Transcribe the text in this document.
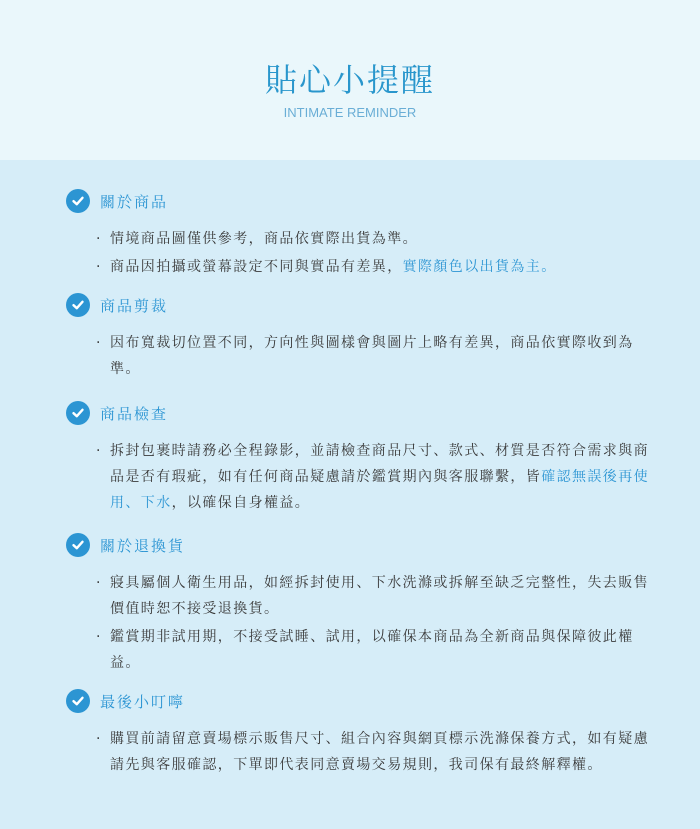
貼心小提醒
INTIMATE REMINDER
關於商品
· 情境商品圖僅供參考，商品依實際出貨為準。
· 商品因拍攝或螢幕設定不同與實品有差異，實際顏色以出貨為主。
商品剪裁
· 因布寬裁切位置不同，方向性與圖樣會與圖片上略有差異，商品依實際收到為準。
商品檢查
· 拆封包裹時請務必全程錄影，並請檢查商品尺寸、款式、材質是否符合需求與商品是否有瑕疵，如有任何商品疑慮請於鑑賞期內與客服聯繫，皆確認無誤後再使用、下水，以確保自身權益。
關於退換貨
· 寢具屬個人衛生用品，如經拆封使用、下水洗滌或拆解至缺乏完整性，失去販售價值時恕不接受退換貨。
· 鑑賞期非試用期，不接受試睡、試用，以確保本商品為全新商品與保障彼此權益。
最後小叮嚀
· 購買前請留意賣場標示販售尺寸、組合內容與網頁標示洗滌保養方式，如有疑慮請先與客服確認，下單即代表同意賣場交易規則，我司保有最終解釋權。
